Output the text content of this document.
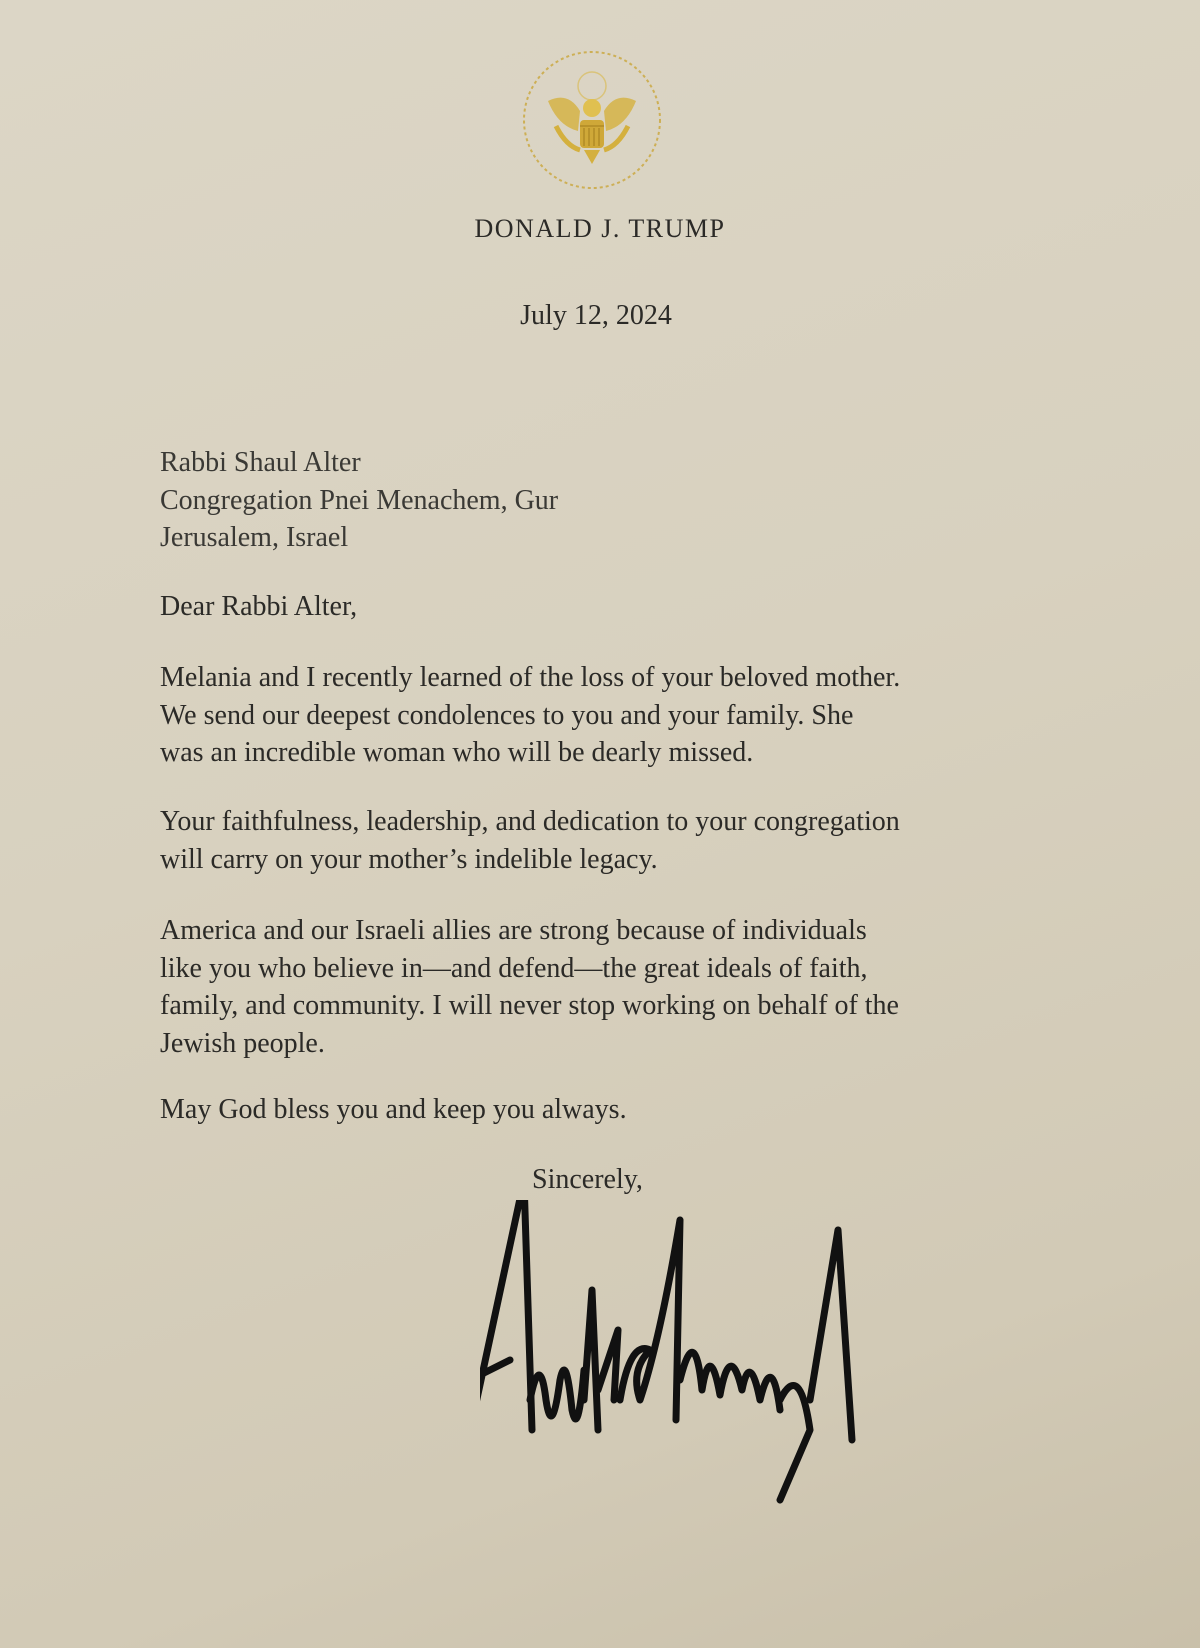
DONALD J. TRUMP
July 12, 2024
Rabbi Shaul Alter
Congregation Pnei Menachem, Gur
Jerusalem, Israel
Dear Rabbi Alter,
Melania and I recently learned of the loss of your beloved mother.
We send our deepest condolences to you and your family. She
was an incredible woman who will be dearly missed.
Your faithfulness, leadership, and dedication to your congregation
will carry on your mother’s indelible legacy.
America and our Israeli allies are strong because of individuals
like you who believe in—and defend—the great ideals of faith,
family, and community. I will never stop working on behalf of the
Jewish people.
May God bless you and keep you always.
Sincerely,
